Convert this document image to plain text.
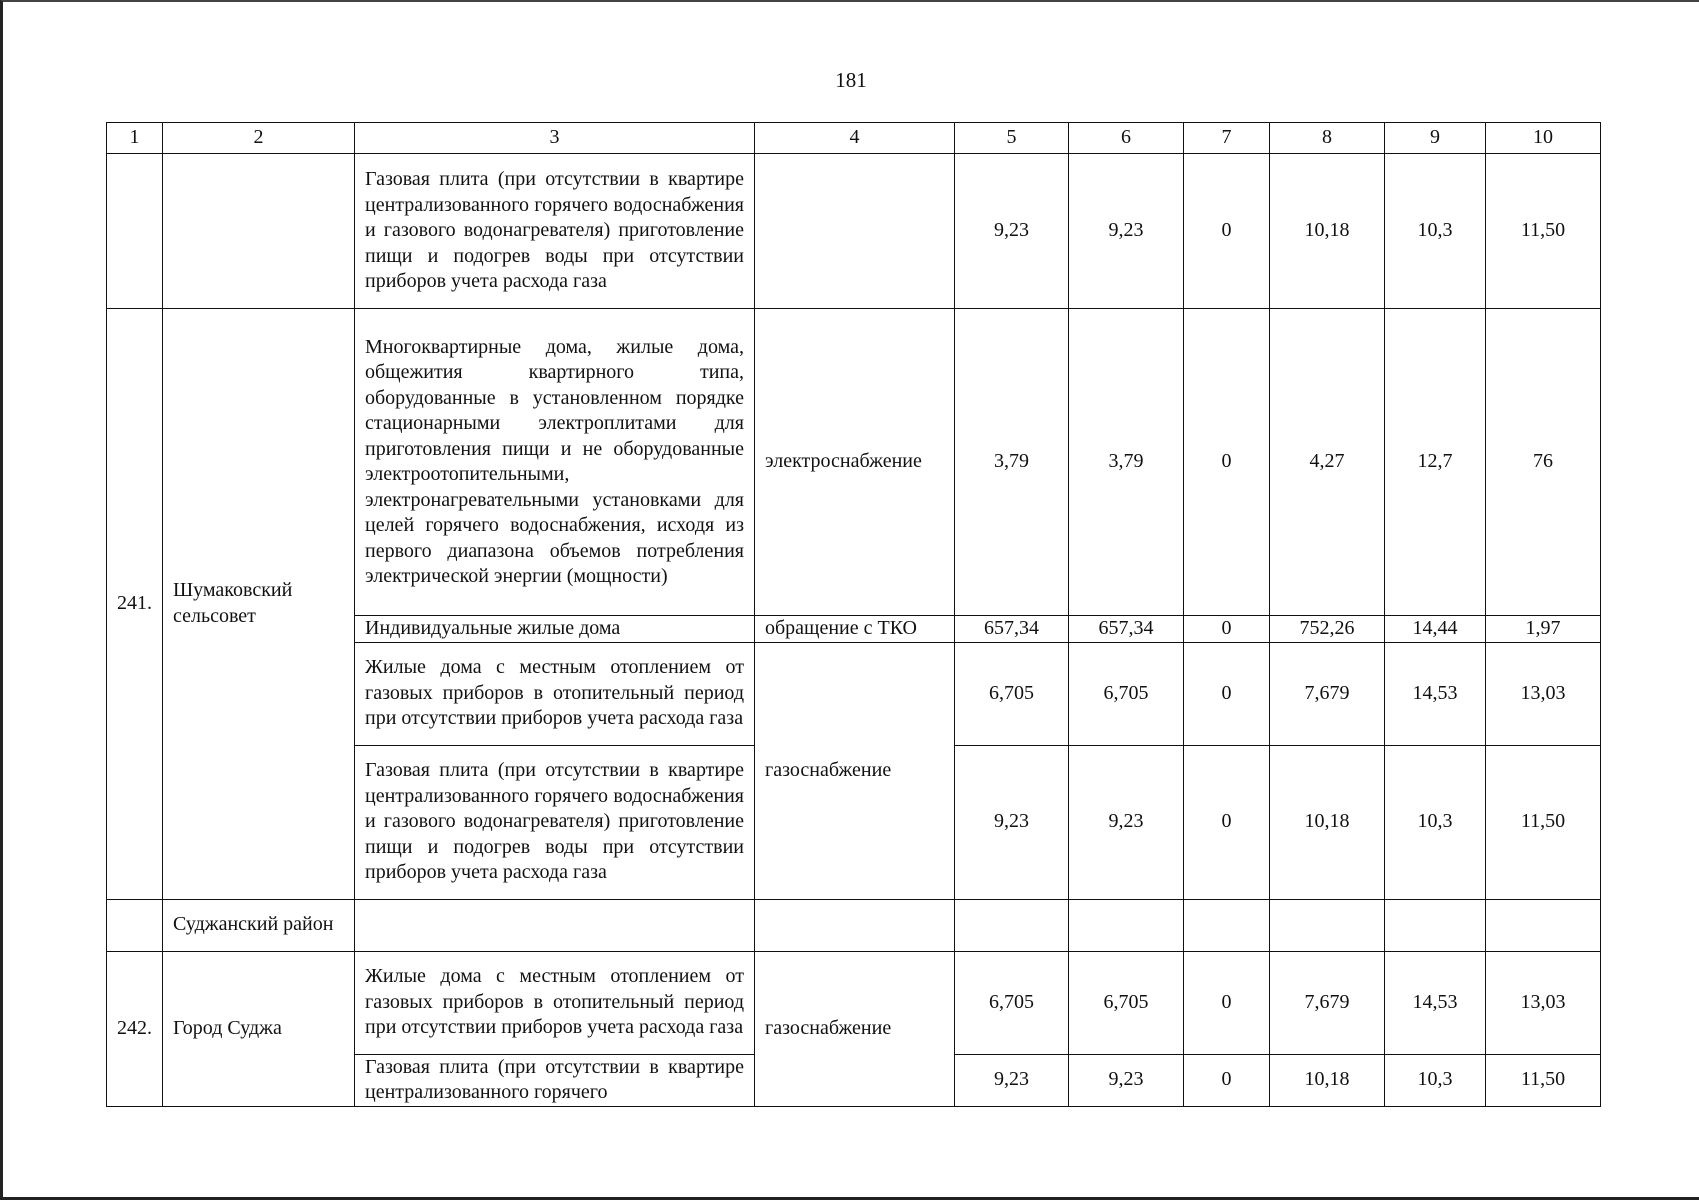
181
1	2	3	4	5	6	7	8	9	10
		Газовая плита (при отсутствии в квартире централизованного горячего водоснабжения и газового водонагревателя) приготовление пищи и подогрев воды при отсутствии приборов учета расхода газа		9,23	9,23	0	10,18	10,3	11,50
241.	Шумаковский сельсовет	Многоквартирные дома, жилые дома, общежития квартирного типа, оборудованные в установленном порядке стационарными электроплитами для приготовления пищи и не оборудованные электроотопительными, электронагревательными установками для целей горячего водоснабжения, исходя из первого диапазона объемов потребления электрической энергии (мощности)	электроснабжение	3,79	3,79	0	4,27	12,7	76
		Индивидуальные жилые дома	обращение с ТКО	657,34	657,34	0	752,26	14,44	1,97
		Жилые дома с местным отоплением от газовых приборов в отопительный период при отсутствии приборов учета расхода газа	газоснабжение	6,705	6,705	0	7,679	14,53	13,03
		Газовая плита (при отсутствии в квартире централизованного горячего водоснабжения и газового водонагревателя) приготовление пищи и подогрев воды при отсутствии приборов учета расхода газа		9,23	9,23	0	10,18	10,3	11,50
	Суджанский район								
242.	Город Суджа	Жилые дома с местным отоплением от газовых приборов в отопительный период при отсутствии приборов учета расхода газа	газоснабжение	6,705	6,705	0	7,679	14,53	13,03
		Газовая плита (при отсутствии в квартире централизованного горячего		9,23	9,23	0	10,18	10,3	11,50
